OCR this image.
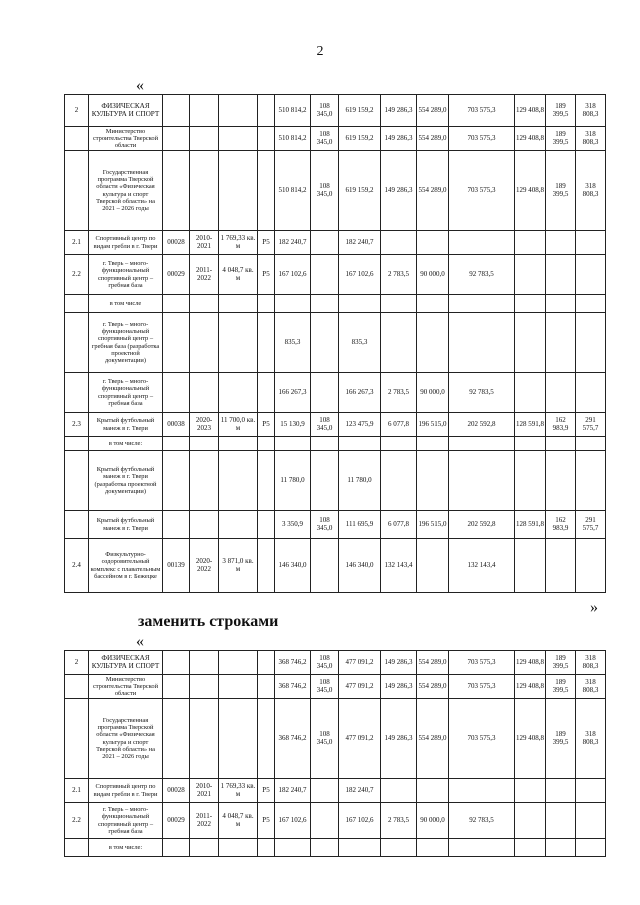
2
«
2	ФИЗИЧЕСКАЯ КУЛЬТУРА И СПОРТ					510 814,2	108 345,0	619 159,2	149 286,3	554 289,0	703 575,3	129 408,8	189 399,5	318 808,3
	Министерство строительства Тверской области					510 814,2	108 345,0	619 159,2	149 286,3	554 289,0	703 575,3	129 408,8	189 399,5	318 808,3
	Государственная программа Тверской области «Физическая культура и спорт Тверской области» на 2021 – 2026 годы					510 814,2	108 345,0	619 159,2	149 286,3	554 289,0	703 575,3	129 408,8	189 399,5	318 808,3
2.1	Спортивный центр по видам гребли в г. Твери	00028	2010-2021	1 769,33 кв. м	Р5	182 240,7		182 240,7						
2.2	г. Тверь – много-функциональный спортивный центр – гребная база	00029	2011-2022	4 048,7 кв. м	Р5	167 102,6		167 102,6	2 783,5	90 000,0	92 783,5			
	в том числе													
	г. Тверь – много-функциональный спортивный центр – гребная база (разработка проектной документации)					835,3		835,3						
	г. Тверь – много-функциональный спортивный центр – гребная база					166 267,3		166 267,3	2 783,5	90 000,0	92 783,5			
2.3	Крытый футбольный манеж в г. Твери	00038	2020-2023	11 700,0 кв. м	Р5	15 130,9	108 345,0	123 475,9	6 077,8	196 515,0	202 592,8	128 591,8	162 983,9	291 575,7
	в том числе:													
	Крытый футбольный манеж в г. Твери (разработка проектной документации)					11 780,0		11 780,0						
	Крытый футбольный манеж в г. Твери					3 350,9	108 345,0	111 695,9	6 077,8	196 515,0	202 592,8	128 591,8	162 983,9	291 575,7
2.4	Физкультурно-оздоровительный комплекс с плавательным бассейном в г. Бежецке	00139	2020-2022	3 871,0 кв. м		146 340,0		146 340,0	132 143,4		132 143,4			
»
заменить строками
«
2	ФИЗИЧЕСКАЯ КУЛЬТУРА И СПОРТ					368 746,2	108 345,0	477 091,2	149 286,3	554 289,0	703 575,3	129 408,8	189 399,5	318 808,3
	Министерство строительства Тверской области					368 746,2	108 345,0	477 091,2	149 286,3	554 289,0	703 575,3	129 408,8	189 399,5	318 808,3
	Государственная программа Тверской области «Физическая культура и спорт Тверской области» на 2021 – 2026 годы					368 746,2	108 345,0	477 091,2	149 286,3	554 289,0	703 575,3	129 408,8	189 399,5	318 808,3
2.1	Спортивный центр по видам гребли в г. Твери	00028	2010-2021	1 769,33 кв. м	Р5	182 240,7		182 240,7						
2.2	г. Тверь – много-функциональный спортивный центр – гребная база	00029	2011-2022	4 048,7 кв. м	Р5	167 102,6		167 102,6	2 783,5	90 000,0	92 783,5			
	в том числе:													
